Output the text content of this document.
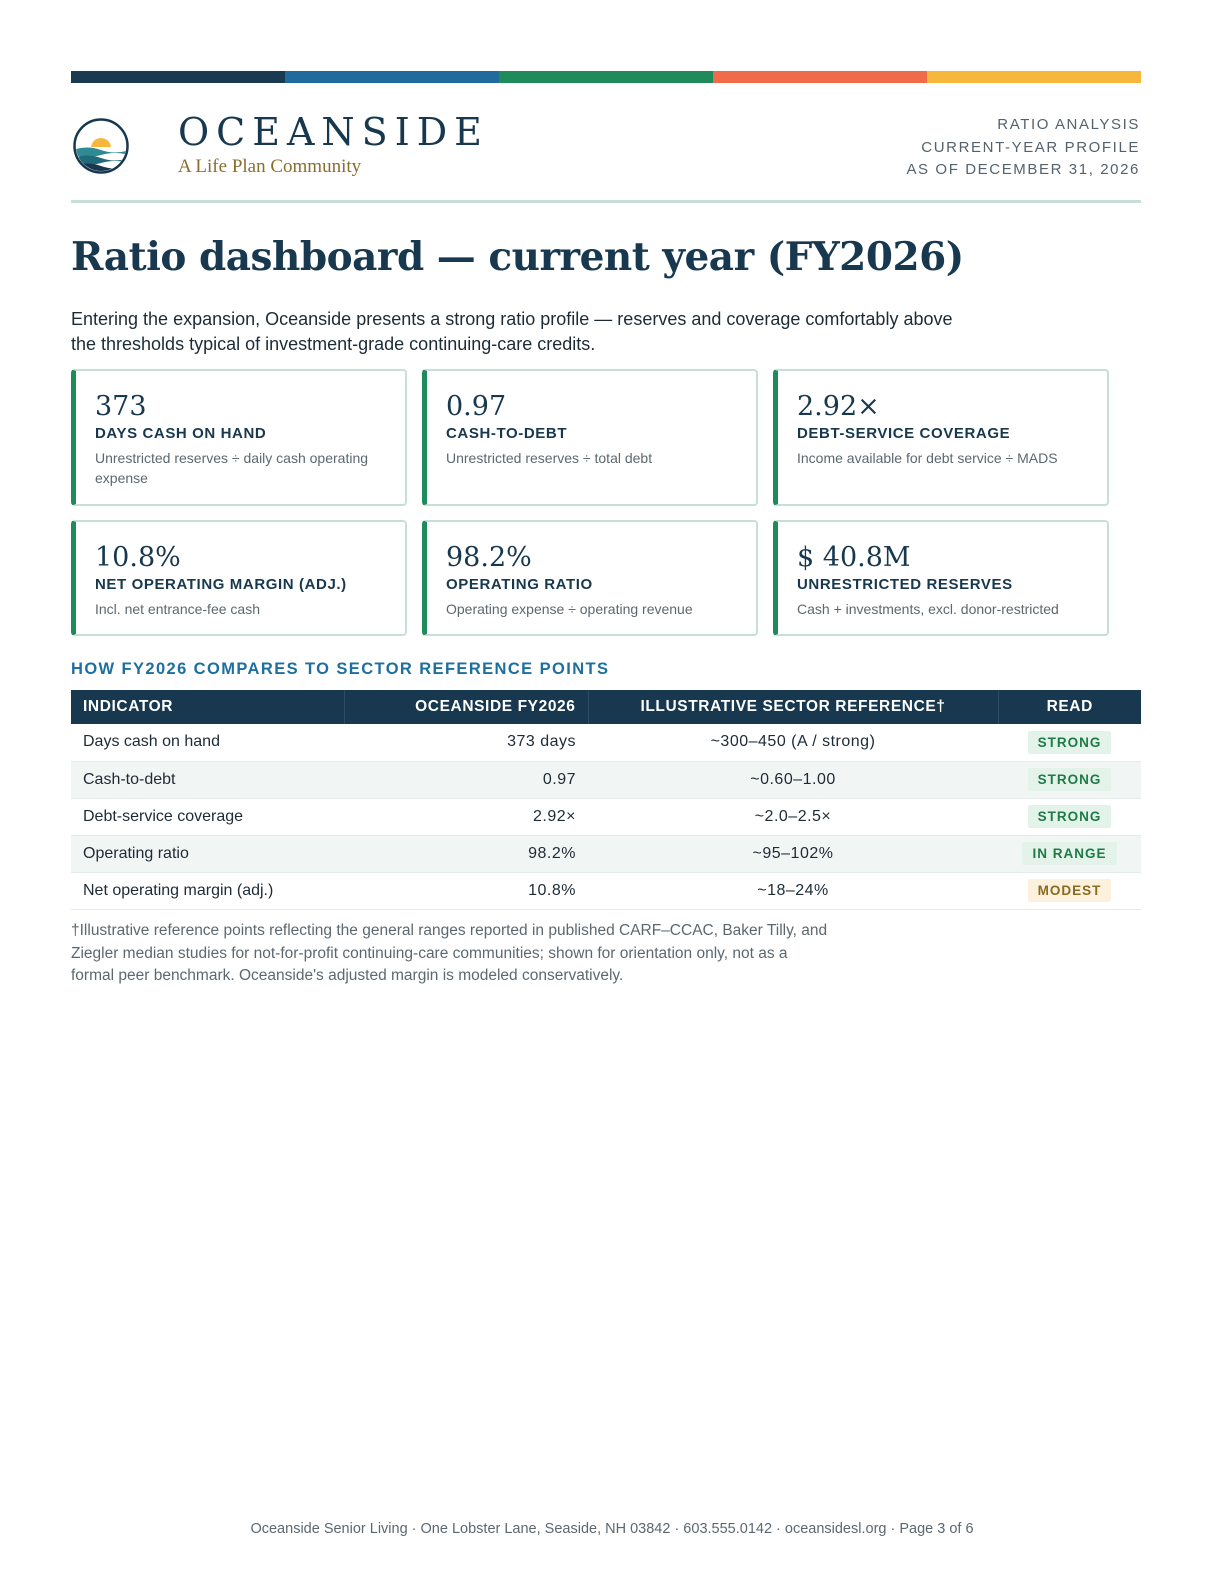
OCEANSIDE
A Life Plan Community
RATIO ANALYSIS
CURRENT-YEAR PROFILE
AS OF DECEMBER 31, 2026
Ratio dashboard — current year (FY2026)

Entering the expansion, Oceanside presents a strong ratio profile — reserves and coverage comfortably above the thresholds typical of investment-grade continuing-care credits.

373
DAYS CASH ON HAND
Unrestricted reserves ÷ daily cash operating expense
0.97
CASH-TO-DEBT
Unrestricted reserves ÷ total debt
2.92×
DEBT-SERVICE COVERAGE
Income available for debt service ÷ MADS
10.8%
NET OPERATING MARGIN (ADJ.)
Incl. net entrance-fee cash
98.2%
OPERATING RATIO
Operating expense ÷ operating revenue
$ 40.8M
UNRESTRICTED RESERVES
Cash + investments, excl. donor-restricted
HOW FY2026 COMPARES TO SECTOR REFERENCE POINTS
INDICATOR	OCEANSIDE FY2026	ILLUSTRATIVE SECTOR REFERENCE†	READ
Days cash on hand	373 days	~300–450 (A / strong)	STRONG
Cash-to-debt	0.97	~0.60–1.00	STRONG
Debt-service coverage	2.92×	~2.0–2.5×	STRONG
Operating ratio	98.2%	~95–102%	IN RANGE
Net operating margin (adj.)	10.8%	~18–24%	MODEST

†Illustrative reference points reflecting the general ranges reported in published CARF–CCAC, Baker Tilly, and Ziegler median studies for not-for-profit continuing-care communities; shown for orientation only, not as a formal peer benchmark. Oceanside's adjusted margin is modeled conservatively.

Oceanside Senior Living · One Lobster Lane, Seaside, NH 03842 · 603.555.0142 · oceansidesl.org · Page 3 of 6
